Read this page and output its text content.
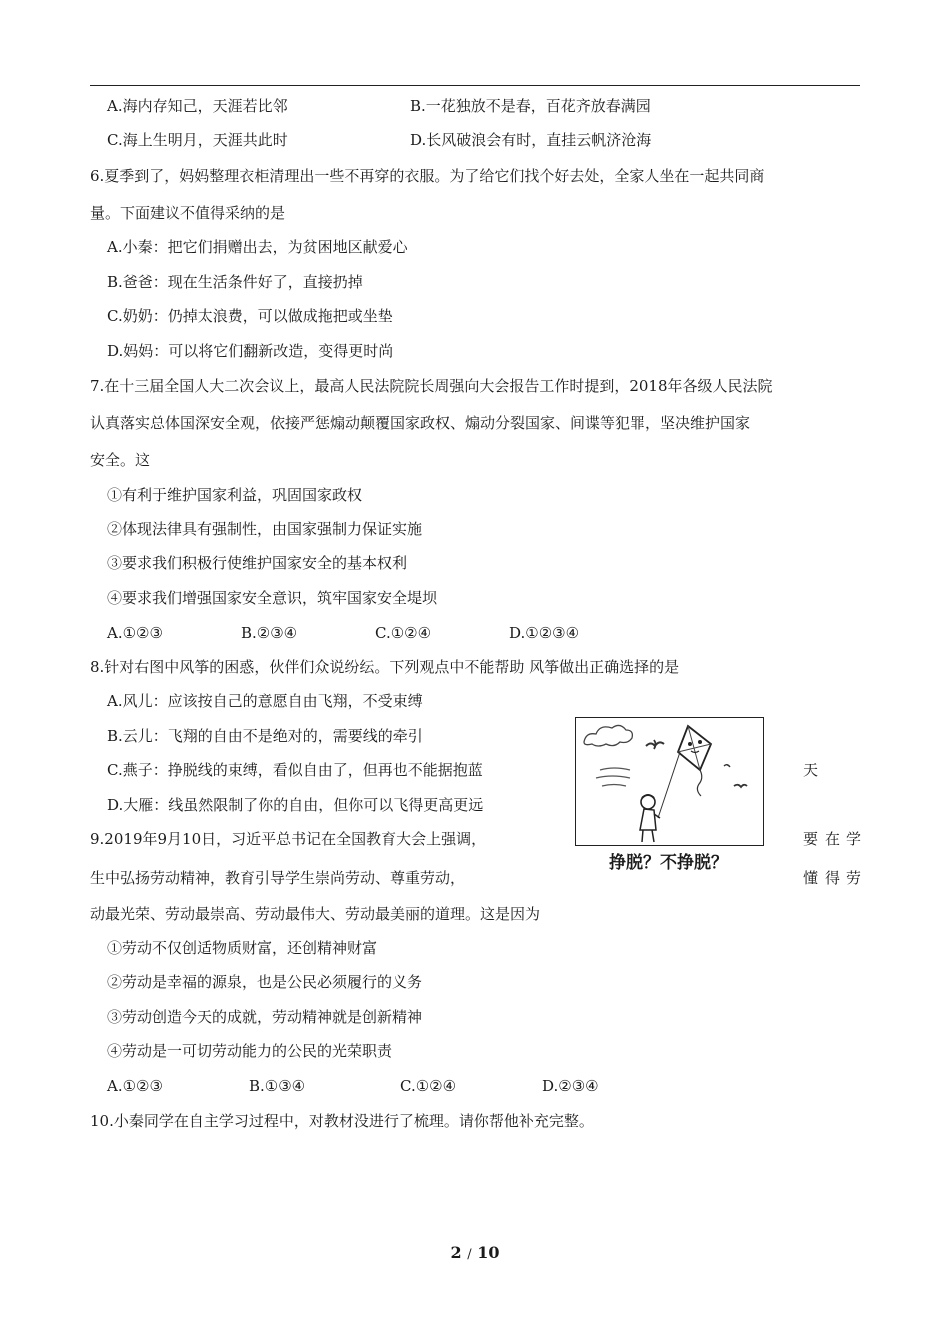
A.海内存知己，天涯若比邻	B.一花独放不是春，百花齐放春满园
C.海上生明月，天涯共此时	D.长风破浪会有时，直挂云帆济沧海
6.夏季到了，妈妈整理衣柜清理出一些不再穿的衣服。为了给它们找个好去处，全家人坐在一起共同商
量。下面建议不值得采纳的是
A.小秦：把它们捐赠出去，为贫困地区献爱心
B.爸爸：现在生活条件好了，直接扔掉
C.奶奶：仍掉太浪费，可以做成拖把或坐垫
D.妈妈：可以将它们翻新改造，变得更时尚
7.在十三届全国人大二次会议上，最高人民法院院长周强向大会报告工作时提到，2018年各级人民法院
认真落实总体国深安全观，依接严惩煽动颠覆国家政权、煽动分裂国家、间谍等犯罪，坚决维护国家
安全。这
①有利于维护国家利益，巩固国家政权
②体现法律具有强制性，由国家强制力保证实施
③要求我们积极行使维护国家安全的基本权利
④要求我们增强国家安全意识，筑牢国家安全堤坝
A.①②③	B.②③④	C.①②④	D.①②③④
8.针对右图中风筝的困惑，伙伴们众说纷纭。下列观点中不能帮助 风筝做出正确选择的是
A.风儿：应该按自己的意愿自由飞翔，不受束缚
B.云儿：飞翔的自由不是绝对的，需要线的牵引
C.燕子：挣脱线的束缚，看似自由了，但再也不能据抱蓝	天
D.大雁：线虽然限制了你的自由，但你可以飞得更高更远
9.2019年9月10日，习近平总书记在全国教育大会上强调，	要 在 学
挣脱？不挣脱？
生中弘扬劳动精神，教育引导学生崇尚劳动、尊重劳动，	懂 得 劳
动最光荣、劳动最崇高、劳动最伟大、劳动最美丽的道理。这是因为
①劳动不仅创适物质财富，还创精神财富
②劳动是幸福的源泉，也是公民必须履行的义务
③劳动创造今天的成就，劳动精神就是创新精神
④劳动是一可切劳动能力的公民的光荣职责
A.①②③	B.①③④	C.①②④	D.②③④
10.小秦同学在自主学习过程中，对教材没进行了梳理。请你帮他补充完整。
2 / 10
